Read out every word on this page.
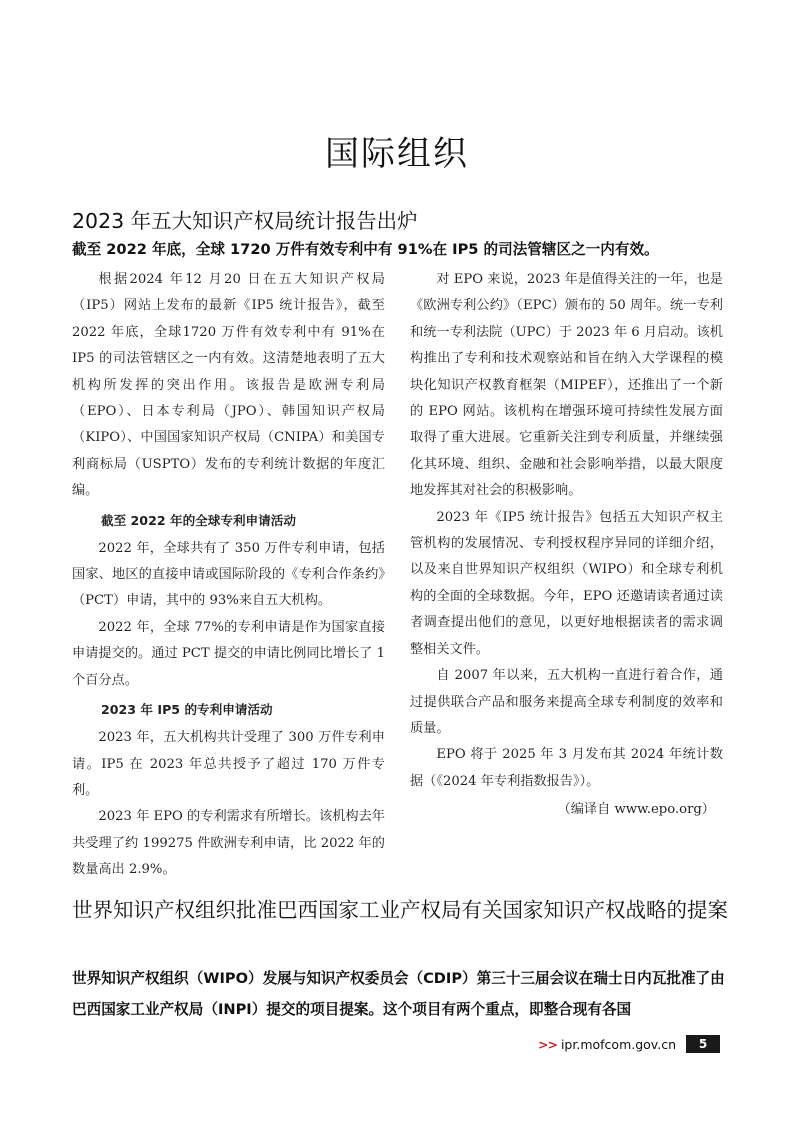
国际组织
2023 年五大知识产权局统计报告出炉

截至 2022 年底，全球 1720 万件有效专利中有 91%在 IP5 的司法管辖区之一内有效。

根据2024 年12 月20 日在五大知识产权局（IP5）网站上发布的最新《IP5 统计报告》，截至 2022 年底，全球1720 万件有效专利中有 91%在 IP5 的司法管辖区之一内有效。这清楚地表明了五大机构所发挥的突出作用。该报告是欧洲专利局（EPO）、日本专利局（JPO）、韩国知识产权局（KIPO）、中国国家知识产权局（CNIPA）和美国专利商标局（USPTO）发布的专利统计数据的年度汇编。

截至 2022 年的全球专利申请活动

2022 年，全球共有了 350 万件专利申请，包括国家、地区的直接申请或国际阶段的《专利合作条约》（PCT）申请，其中的 93%来自五大机构。

2022 年，全球 77%的专利申请是作为国家直接申请提交的。通过 PCT 提交的申请比例同比增长了 1 个百分点。

2023 年 IP5 的专利申请活动

2023 年，五大机构共计受理了 300 万件专利申请。IP5 在 2023 年总共授予了超过 170 万件专利。

2023 年 EPO 的专利需求有所增长。该机构去年共受理了约 199275 件欧洲专利申请，比 2022 年的数量高出 2.9%。

对 EPO 来说，2023 年是值得关注的一年，也是《欧洲专利公约》（EPC）颁布的 50 周年。统一专利和统一专利法院（UPC）于 2023 年 6 月启动。该机构推出了专利和技术观察站和旨在纳入大学课程的模块化知识产权教育框架（MIPEF），还推出了一个新的 EPO 网站。该机构在增强环境可持续性发展方面取得了重大进展。它重新关注到专利质量，并继续强化其环境、组织、金融和社会影响举措，以最大限度地发挥其对社会的积极影响。

2023 年《IP5 统计报告》包括五大知识产权主管机构的发展情况、专利授权程序异同的详细介绍，以及来自世界知识产权组织（WIPO）和全球专利机构的全面的全球数据。今年，EPO 还邀请读者通过读者调查提出他们的意见，以更好地根据读者的需求调整相关文件。

自 2007 年以来，五大机构一直进行着合作，通过提供联合产品和服务来提高全球专利制度的效率和质量。

EPO 将于 2025 年 3 月发布其 2024 年统计数据（《2024 年专利指数报告》）。

（编译自 www.epo.org）

世界知识产权组织批准巴西国家工业产权局有关国家知识产权战略的提案

世界知识产权组织（WIPO）发展与知识产权委员会（CDIP）第三十三届会议在瑞士日内瓦批准了由巴西国家工业产权局（INPI）提交的项目提案。这个项目有两个重点，即整合现有各国

>> ipr.mofcom.gov.cn	5
